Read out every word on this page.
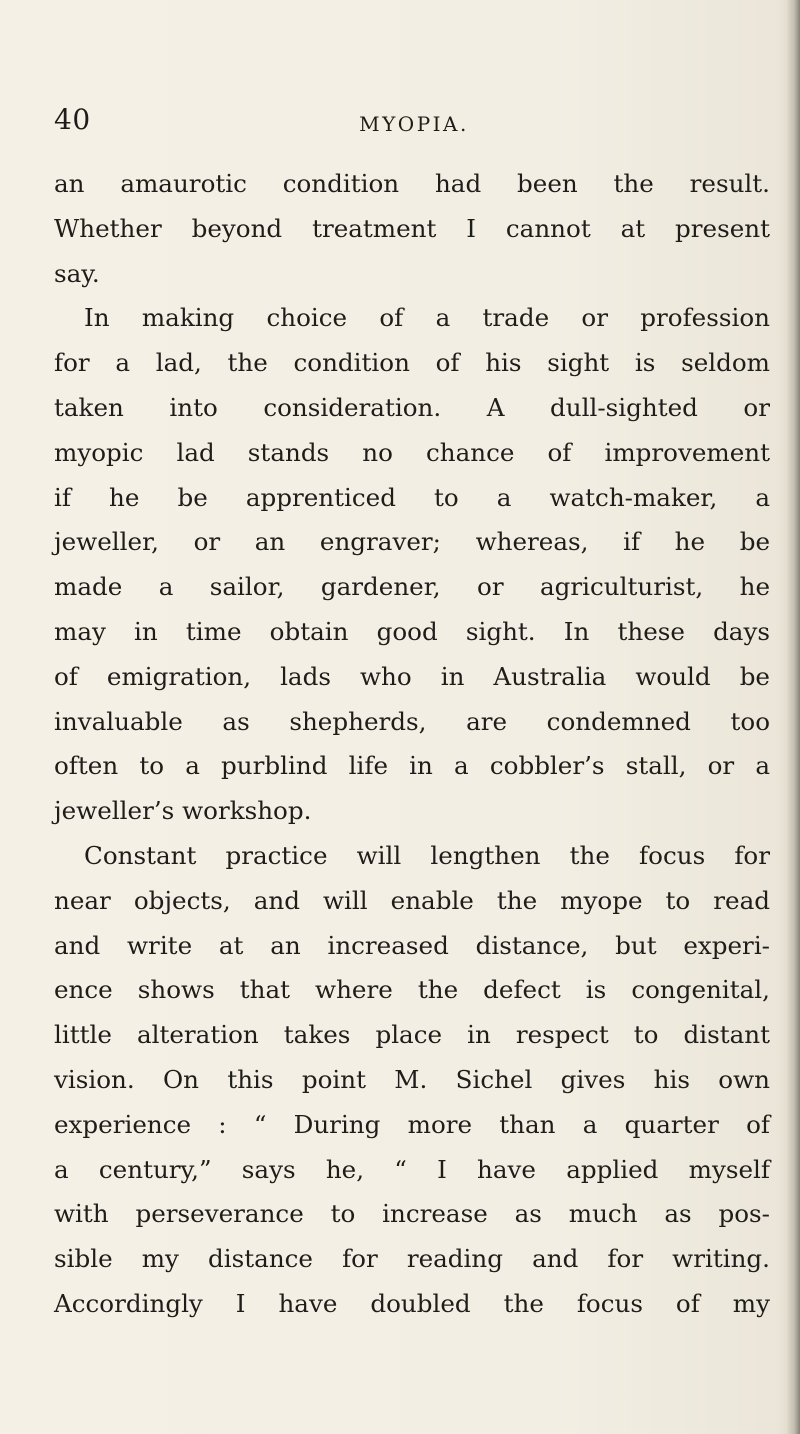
40	MYOPIA.
an amaurotic condition had been the result.
Whether beyond treatment I cannot at present
say.
In making choice of a trade or profession
for a lad, the condition of his sight is seldom
taken into consideration. A dull-sighted or
myopic lad stands no chance of improvement
if he be apprenticed to a watch-maker, a
jeweller, or an engraver; whereas, if he be
made a sailor, gardener, or agriculturist, he
may in time obtain good sight. In these days
of emigration, lads who in Australia would be
invaluable as shepherds, are condemned too
often to a purblind life in a cobbler’s stall, or a
jeweller’s workshop.
Constant practice will lengthen the focus for
near objects, and will enable the myope to read
and write at an increased distance, but experi-
ence shows that where the defect is congenital,
little alteration takes place in respect to distant
vision. On this point M. Sichel gives his own
experience : “ During more than a quarter of
a century,” says he, “ I have applied myself
with perseverance to increase as much as pos-
sible my distance for reading and for writing.
Accordingly I have doubled the focus of my
